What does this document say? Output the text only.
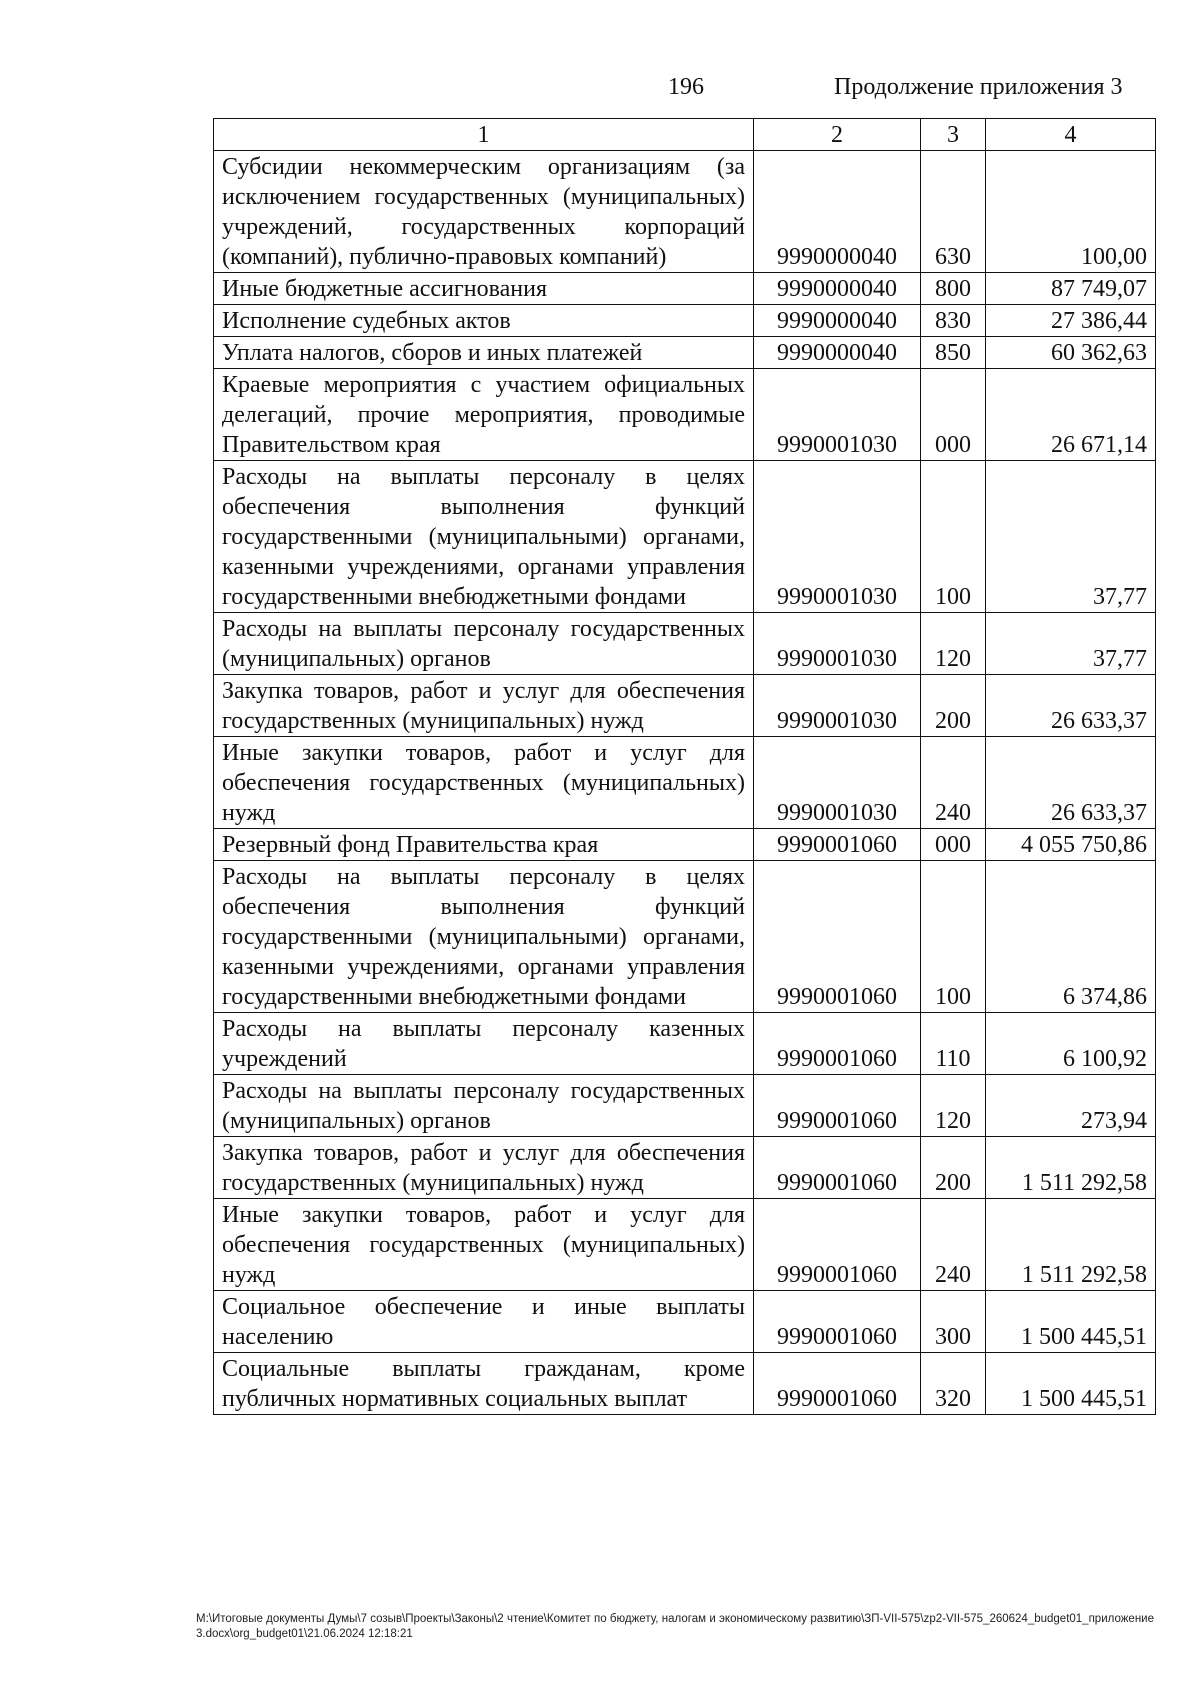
196	Продолжение приложения 3
1	2	3	4
Субсидии некоммерческим организациям (за исключением государственных (муниципальных) учреждений, государственных корпораций (компаний), публично-правовых компаний)	9990000040	630	100,00
Иные бюджетные ассигнования	9990000040	800	87 749,07
Исполнение судебных актов	9990000040	830	27 386,44
Уплата налогов, сборов и иных платежей	9990000040	850	60 362,63
Краевые мероприятия с участием официальных делегаций, прочие мероприятия, проводимые Правительством края	9990001030	000	26 671,14
Расходы на выплаты персоналу в целях обеспечения выполнения функций государственными (муниципальными) органами, казенными учреждениями, органами управления государственными внебюджетными фондами	9990001030	100	37,77
Расходы на выплаты персоналу государственных (муниципальных) органов	9990001030	120	37,77
Закупка товаров, работ и услуг для обеспечения государственных (муниципальных) нужд	9990001030	200	26 633,37
Иные закупки товаров, работ и услуг для обеспечения государственных (муниципальных) нужд	9990001030	240	26 633,37
Резервный фонд Правительства края	9990001060	000	4 055 750,86
Расходы на выплаты персоналу в целях обеспечения выполнения функций государственными (муниципальными) органами, казенными учреждениями, органами управления государственными внебюджетными фондами	9990001060	100	6 374,86
Расходы на выплаты персоналу казенных учреждений	9990001060	110	6 100,92
Расходы на выплаты персоналу государственных (муниципальных) органов	9990001060	120	273,94
Закупка товаров, работ и услуг для обеспечения государственных (муниципальных) нужд	9990001060	200	1 511 292,58
Иные закупки товаров, работ и услуг для обеспечения государственных (муниципальных) нужд	9990001060	240	1 511 292,58
Социальное обеспечение и иные выплаты населению	9990001060	300	1 500 445,51
Социальные выплаты гражданам, кроме публичных нормативных социальных выплат	9990001060	320	1 500 445,51
М:\Итоговые документы Думы\7 созыв\Проекты\Законы\2 чтение\Комитет по бюджету, налогам и экономическому развитию\ЗП-VII-575\zp2-VII-575_260624_budget01_приложение3.docx\org_budget01\21.06.2024 12:18:21
